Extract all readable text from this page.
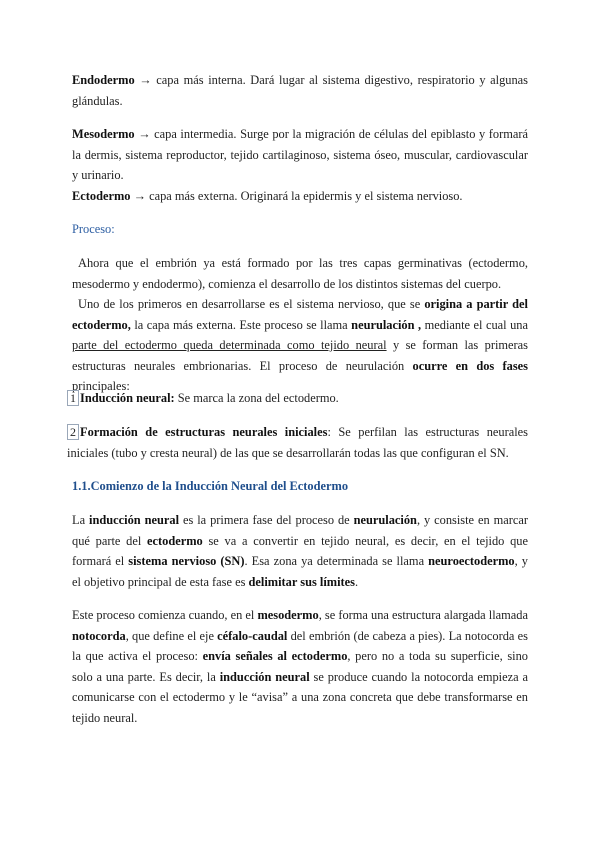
Endodermo → capa más interna. Dará lugar al sistema digestivo, respiratorio y algunas glándulas.

Mesodermo → capa intermedia. Surge por la migración de células del epiblasto y formará la dermis, sistema reproductor, tejido cartilaginoso, sistema óseo, muscular, cardiovascular y urinario.

Ectodermo → capa más externa. Originará la epidermis y el sistema nervioso.

Proceso:

Ahora que el embrión ya está formado por las tres capas germinativas (ectodermo, mesodermo y endodermo), comienza el desarrollo de los distintos sistemas del cuerpo.

Uno de los primeros en desarrollarse es el sistema nervioso, que se origina a partir del ectodermo, la capa más externa. Este proceso se llama neurulación , mediante el cual una parte del ectodermo queda determinada como tejido neural y se forman las primeras estructuras neurales embrionarias. El proceso de neurulación ocurre en dos fases principales:

1 Inducción neural: Se marca la zona del ectodermo.

2 Formación de estructuras neurales iniciales: Se perfilan las estructuras neurales iniciales (tubo y cresta neural) de las que se desarrollarán todas las que configuran el SN.

1.1.Comienzo de la Inducción Neural del Ectodermo

La inducción neural es la primera fase del proceso de neurulación, y consiste en marcar qué parte del ectodermo se va a convertir en tejido neural, es decir, en el tejido que formará el sistema nervioso (SN). Esa zona ya determinada se llama neuroectodermo, y el objetivo principal de esta fase es delimitar sus límites.

Este proceso comienza cuando, en el mesodermo, se forma una estructura alargada llamada notocorda, que define el eje céfalo-caudal del embrión (de cabeza a pies). La notocorda es la que activa el proceso: envía señales al ectodermo, pero no a toda su superficie, sino solo a una parte. Es decir, la inducción neural se produce cuando la notocorda empieza a comunicarse con el ectodermo y le “avisa” a una zona concreta que debe transformarse en tejido neural.
